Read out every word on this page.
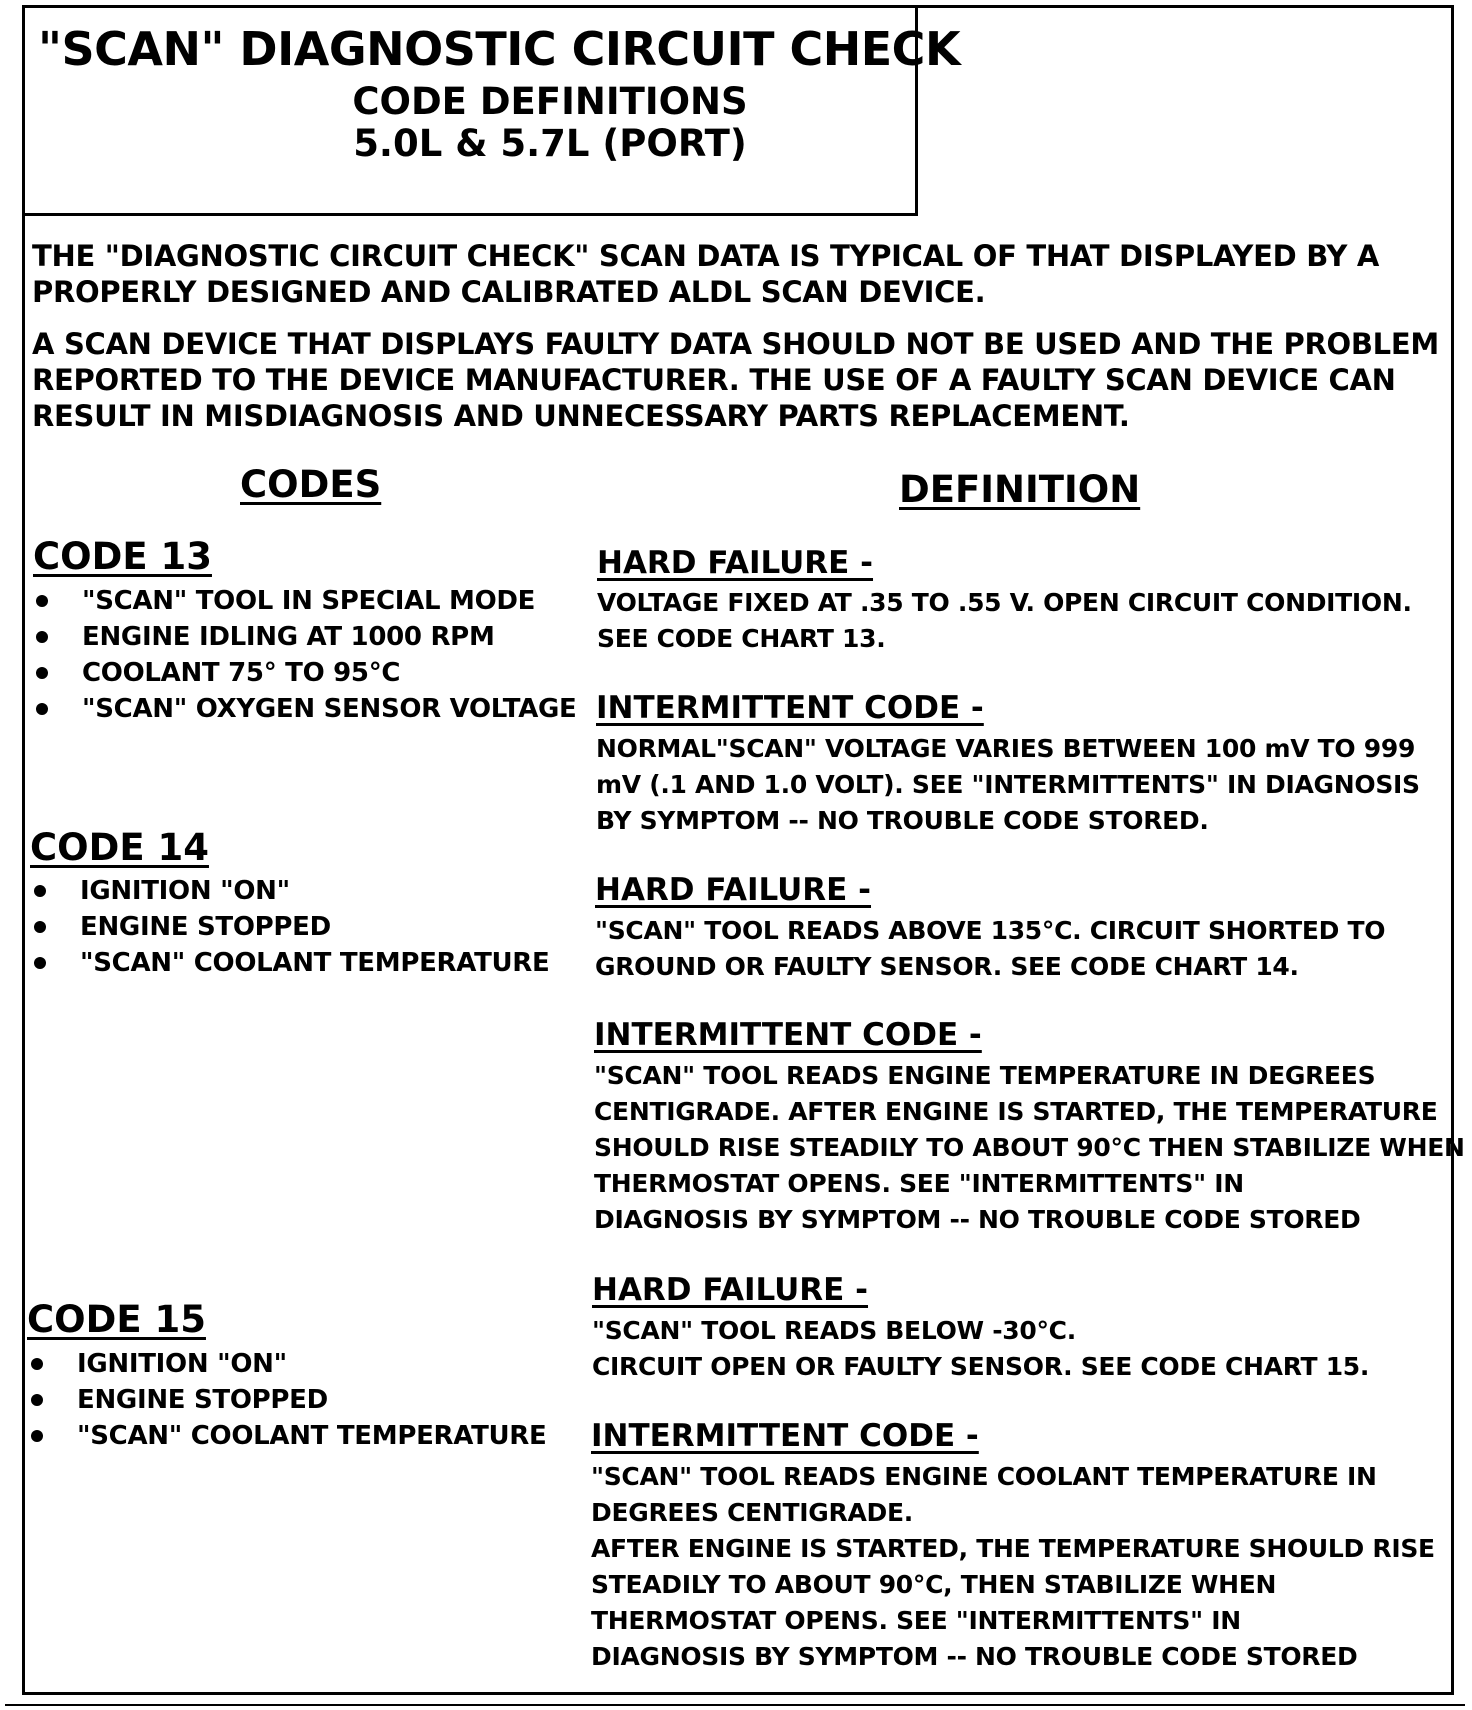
"SCAN" DIAGNOSTIC CIRCUIT CHECK
CODE DEFINITIONS
5.0L & 5.7L (PORT)
THE "DIAGNOSTIC CIRCUIT CHECK" SCAN DATA IS TYPICAL OF THAT DISPLAYED BY A PROPERLY DESIGNED AND CALIBRATED ALDL SCAN DEVICE.
A SCAN DEVICE THAT DISPLAYS FAULTY DATA SHOULD NOT BE USED AND THE PROBLEM REPORTED TO THE DEVICE MANUFACTURER. THE USE OF A FAULTY SCAN DEVICE CAN RESULT IN MISDIAGNOSIS AND UNNECESSARY PARTS REPLACEMENT.
CODES	DEFINITION
CODE 13
"SCAN" TOOL IN SPECIAL MODE
ENGINE IDLING AT 1000 RPM
COOLANT 75° TO 95°C
"SCAN" OXYGEN SENSOR VOLTAGE
CODE 14
IGNITION "ON"
ENGINE STOPPED
"SCAN" COOLANT TEMPERATURE
CODE 15
IGNITION "ON"
ENGINE STOPPED
"SCAN" COOLANT TEMPERATURE
HARD FAILURE -
VOLTAGE FIXED AT .35 TO .55 V. OPEN CIRCUIT CONDITION.
SEE CODE CHART 13.
INTERMITTENT CODE -
NORMAL"SCAN" VOLTAGE VARIES BETWEEN 100 mV TO 999
mV (.1 AND 1.0 VOLT). SEE "INTERMITTENTS" IN DIAGNOSIS
BY SYMPTOM -- NO TROUBLE CODE STORED.
HARD FAILURE -
"SCAN" TOOL READS ABOVE 135°C. CIRCUIT SHORTED TO
GROUND OR FAULTY SENSOR. SEE CODE CHART 14.
INTERMITTENT CODE -
"SCAN" TOOL READS ENGINE TEMPERATURE IN DEGREES
CENTIGRADE. AFTER ENGINE IS STARTED, THE TEMPERATURE
SHOULD RISE STEADILY TO ABOUT 90°C THEN STABILIZE WHEN
THERMOSTAT OPENS. SEE "INTERMITTENTS" IN
DIAGNOSIS BY SYMPTOM -- NO TROUBLE CODE STORED
HARD FAILURE -
"SCAN" TOOL READS BELOW -30°C.
CIRCUIT OPEN OR FAULTY SENSOR. SEE CODE CHART 15.
INTERMITTENT CODE -
"SCAN" TOOL READS ENGINE COOLANT TEMPERATURE IN
DEGREES CENTIGRADE.
AFTER ENGINE IS STARTED, THE TEMPERATURE SHOULD RISE
STEADILY TO ABOUT 90°C, THEN STABILIZE WHEN
THERMOSTAT OPENS. SEE "INTERMITTENTS" IN
DIAGNOSIS BY SYMPTOM -- NO TROUBLE CODE STORED
